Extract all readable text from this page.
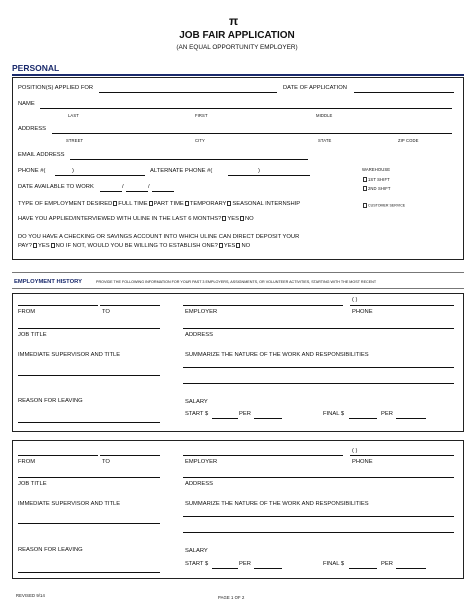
π
JOB FAIR APPLICATION
(AN EQUAL OPPORTUNITY EMPLOYER)
PERSONAL
POSITION(S) APPLIED FOR	DATE OF APPLICATION
NAME
LAST	FIRST	MIDDLE
ADDRESS
STREET	CITY	STATE	ZIP CODE
EMAIL ADDRESS
WAREHOUSE
1ST SHIFT
2ND SHIFT
CUSTOMER SERVICE
PHONE #(	)	ALTERNATE PHONE #(	)
DATE AVAILABLE TO WORK	/	/
TYPE OF EMPLOYMENT DESIRED FULL TIME PART TIME TEMPORARY SEASONAL INTERNSHIP
HAVE YOU APPLIED/INTERVIEWED WITH ULINE IN THE LAST 6 MONTHS? YES NO
DO YOU HAVE A CHECKING OR SAVINGS ACCOUNT INTO WHICH ULINE CAN DIRECT DEPOSIT YOUR
PAY? YES NO IF NOT, WOULD YOU BE WILLING TO ESTABLISH ONE? YES NO
EMPLOYMENT HISTORY	PROVIDE THE FOLLOWING INFORMATION FOR YOUR PAST 3 EMPLOYERS, ASSIGNMENTS, OR VOLUNTEER ACTIVITIES, STARTING WITH THE MOST RECENT
( )
FROM	TO	EMPLOYER	PHONE
JOB TITLE	ADDRESS
IMMEDIATE SUPERVISOR AND TITLE	SUMMARIZE THE NATURE OF THE WORK AND RESPONSIBILITIES
REASON FOR LEAVING	SALARY
START $	PER	FINAL $	PER
( )
FROM	TO	EMPLOYER	PHONE
JOB TITLE	ADDRESS
IMMEDIATE SUPERVISOR AND TITLE	SUMMARIZE THE NATURE OF THE WORK AND RESPONSIBILITIES
REASON FOR LEAVING	SALARY
START $	PER	FINAL $	PER
REVISED 9/14	PAGE 1 OF 2
